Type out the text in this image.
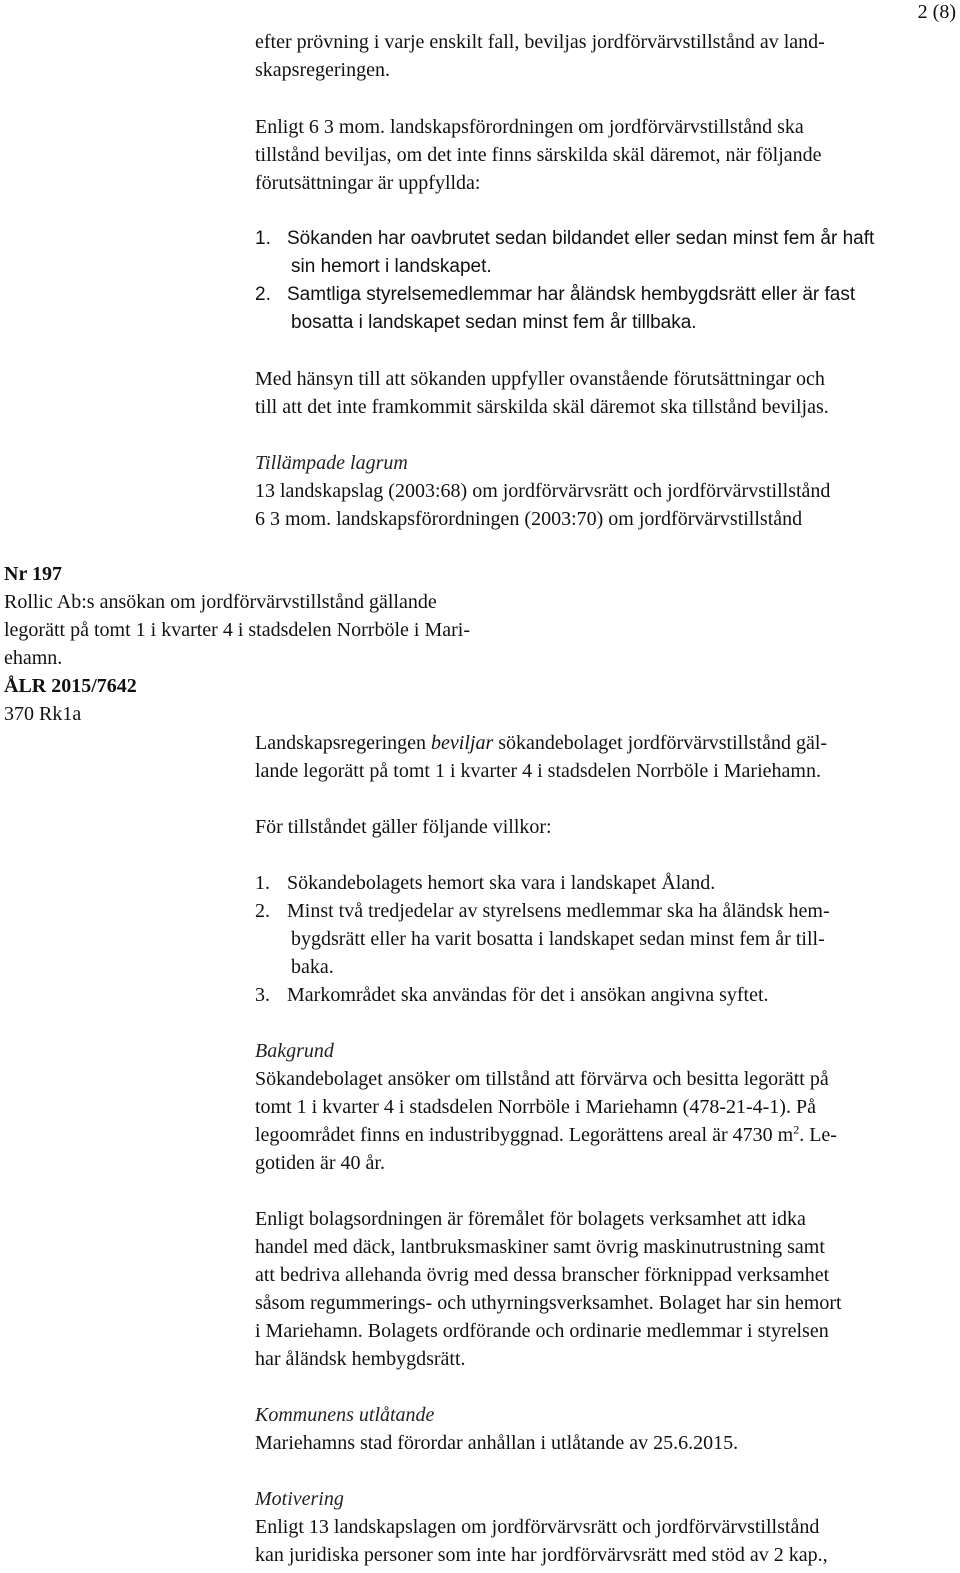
2 (8)

efter prövning i varje enskilt fall, beviljas jordförvärvstillstånd av land-

skapsregeringen.

Enligt 6 3 mom. landskapsförordningen om jordförvärvstillstånd ska

tillstånd beviljas, om det inte finns särskilda skäl däremot, när följande

förutsättningar är uppfyllda:

1. Sökanden har oavbrutet sedan bildandet eller sedan minst fem år haft
sin hemort i landskapet.
2. Samtliga styrelsemedlemmar har åländsk hembygdsrätt eller är fast
bosatta i landskapet sedan minst fem år tillbaka.

Med hänsyn till att sökanden uppfyller ovanstående förutsättningar och

till att det inte framkommit särskilda skäl däremot ska tillstånd beviljas.

Tillämpade lagrum

13 landskapslag (2003:68) om jordförvärvsrätt och jordförvärvstillstånd

6 3 mom. landskapsförordningen (2003:70) om jordförvärvstillstånd

Nr 197

Rollic Ab:s ansökan om jordförvärvstillstånd gällande

legorätt på tomt 1 i kvarter 4 i stadsdelen Norrböle i Mari-

ehamn.

ÅLR 2015/7642

370 Rk1a

Landskapsregeringen beviljar sökandebolaget jordförvärvstillstånd gäl-

lande legorätt på tomt 1 i kvarter 4 i stadsdelen Norrböle i Mariehamn.

För tillståndet gäller följande villkor:

1. Sökandebolagets hemort ska vara i landskapet Åland.
2. Minst två tredjedelar av styrelsens medlemmar ska ha åländsk hem-
bygdsrätt eller ha varit bosatta i landskapet sedan minst fem år till-
baka.
3. Markområdet ska användas för det i ansökan angivna syftet.

Bakgrund

Sökandebolaget ansöker om tillstånd att förvärva och besitta legorätt på

tomt 1 i kvarter 4 i stadsdelen Norrböle i Mariehamn (478-21-4-1). På

legoområdet finns en industribyggnad. Legorättens areal är 4730 $m^2$. Le-

gotiden är 40 år.

Enligt bolagsordningen är föremålet för bolagets verksamhet att idka

handel med däck, lantbruksmaskiner samt övrig maskinutrustning samt

att bedriva allehanda övrig med dessa branscher förknippad verksamhet

såsom regummerings- och uthyrningsverksamhet. Bolaget har sin hemort

i Mariehamn. Bolagets ordförande och ordinarie medlemmar i styrelsen

har åländsk hembygdsrätt.

Kommunens utlåtande

Mariehamns stad förordar anhållan i utlåtande av 25.6.2015.

Motivering

Enligt 13 landskapslagen om jordförvärvsrätt och jordförvärvstillstånd

kan juridiska personer som inte har jordförvärvsrätt med stöd av 2 kap.,
